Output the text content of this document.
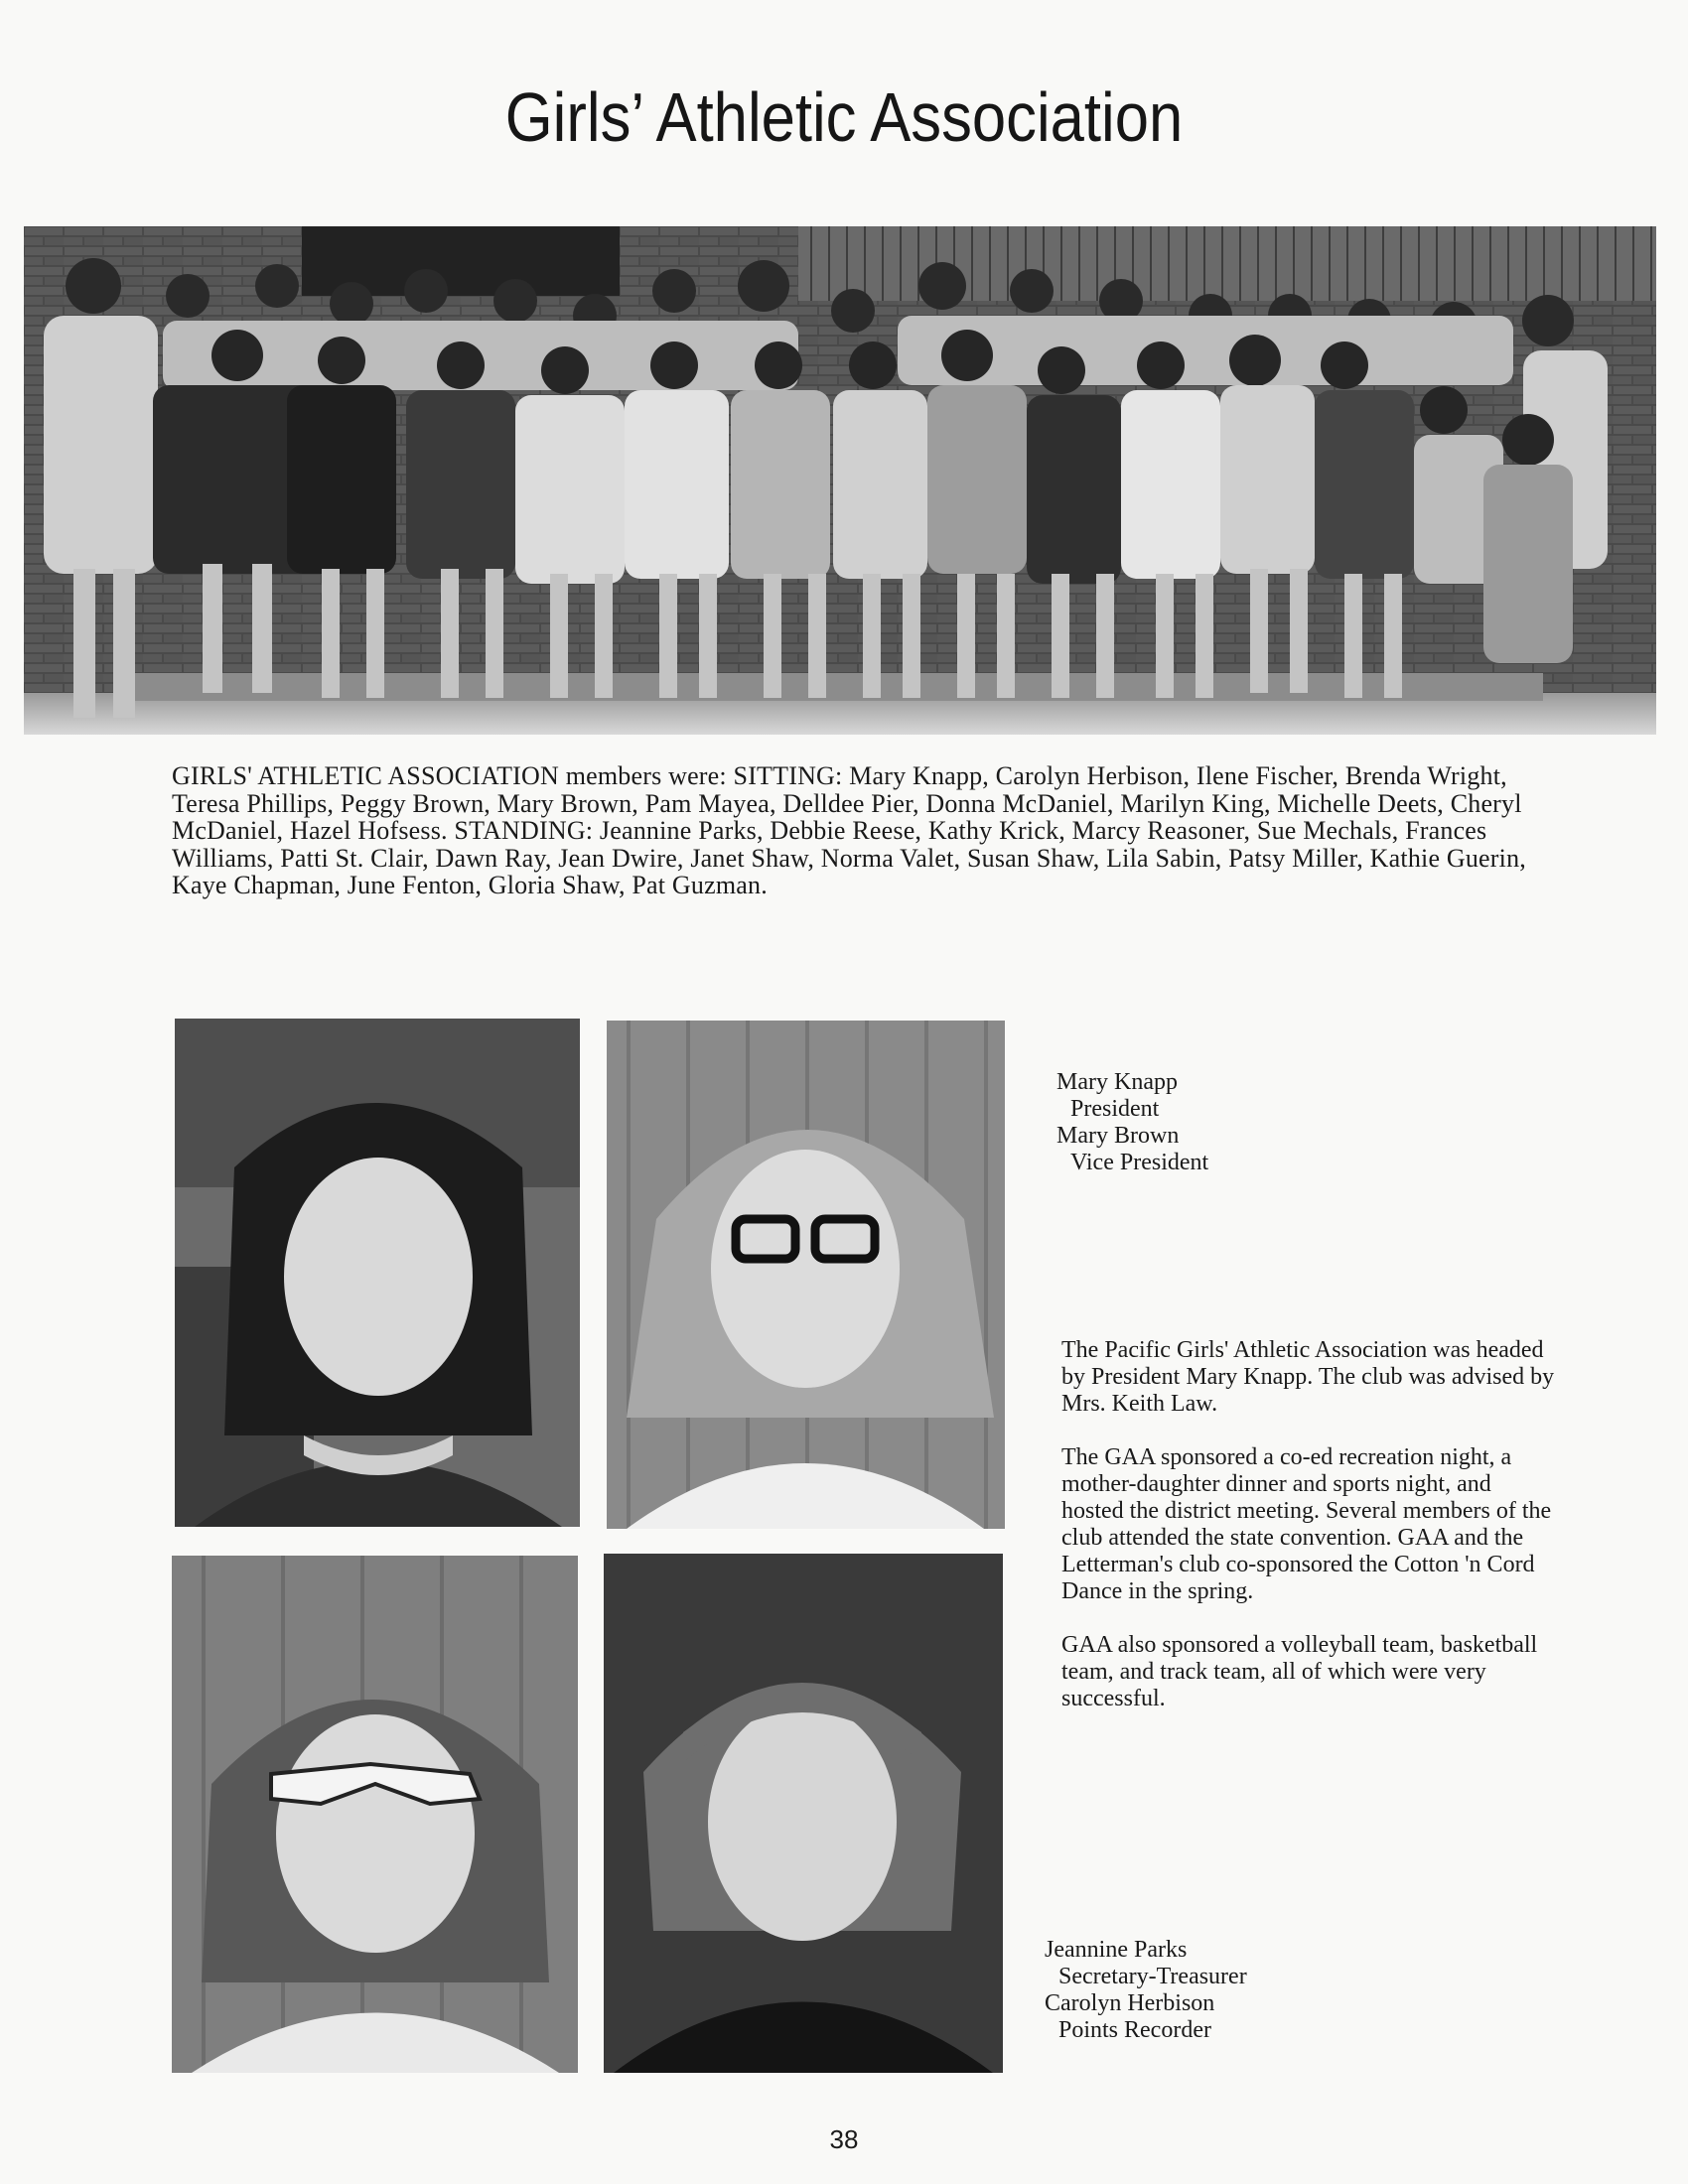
Girls’ Athletic Association
GIRLS' ATHLETIC ASSOCIATION members were: SITTING: Mary Knapp, Carolyn Herbison, Ilene Fischer, Brenda Wright, Teresa Phillips, Peggy Brown, Mary Brown, Pam Mayea, Delldee Pier, Donna McDaniel, Marilyn King, Michelle Deets, Cheryl McDaniel, Hazel Hofsess. STANDING: Jeannine Parks, Debbie Reese, Kathy Krick, Marcy Reasoner, Sue Mechals, Frances Williams, Patti St. Clair, Dawn Ray, Jean Dwire, Janet Shaw, Norma Valet, Susan Shaw, Lila Sabin, Patsy Miller, Kathie Guerin, Kaye Chapman, June Fenton, Gloria Shaw, Pat Guzman.
Mary Knapp
President
Mary Brown
Vice President

The Pacific Girls' Athletic Association was headed by President Mary Knapp. The club was advised by Mrs. Keith Law.

The GAA sponsored a co-ed recreation night, a mother-daughter dinner and sports night, and hosted the district meeting. Several members of the club attended the state convention. GAA and the Letterman's club co-sponsored the Cotton 'n Cord Dance in the spring.

GAA also sponsored a volleyball team, basketball team, and track team, all of which were very successful.

Jeannine Parks
Secretary-Treasurer
Carolyn Herbison
Points Recorder
38
